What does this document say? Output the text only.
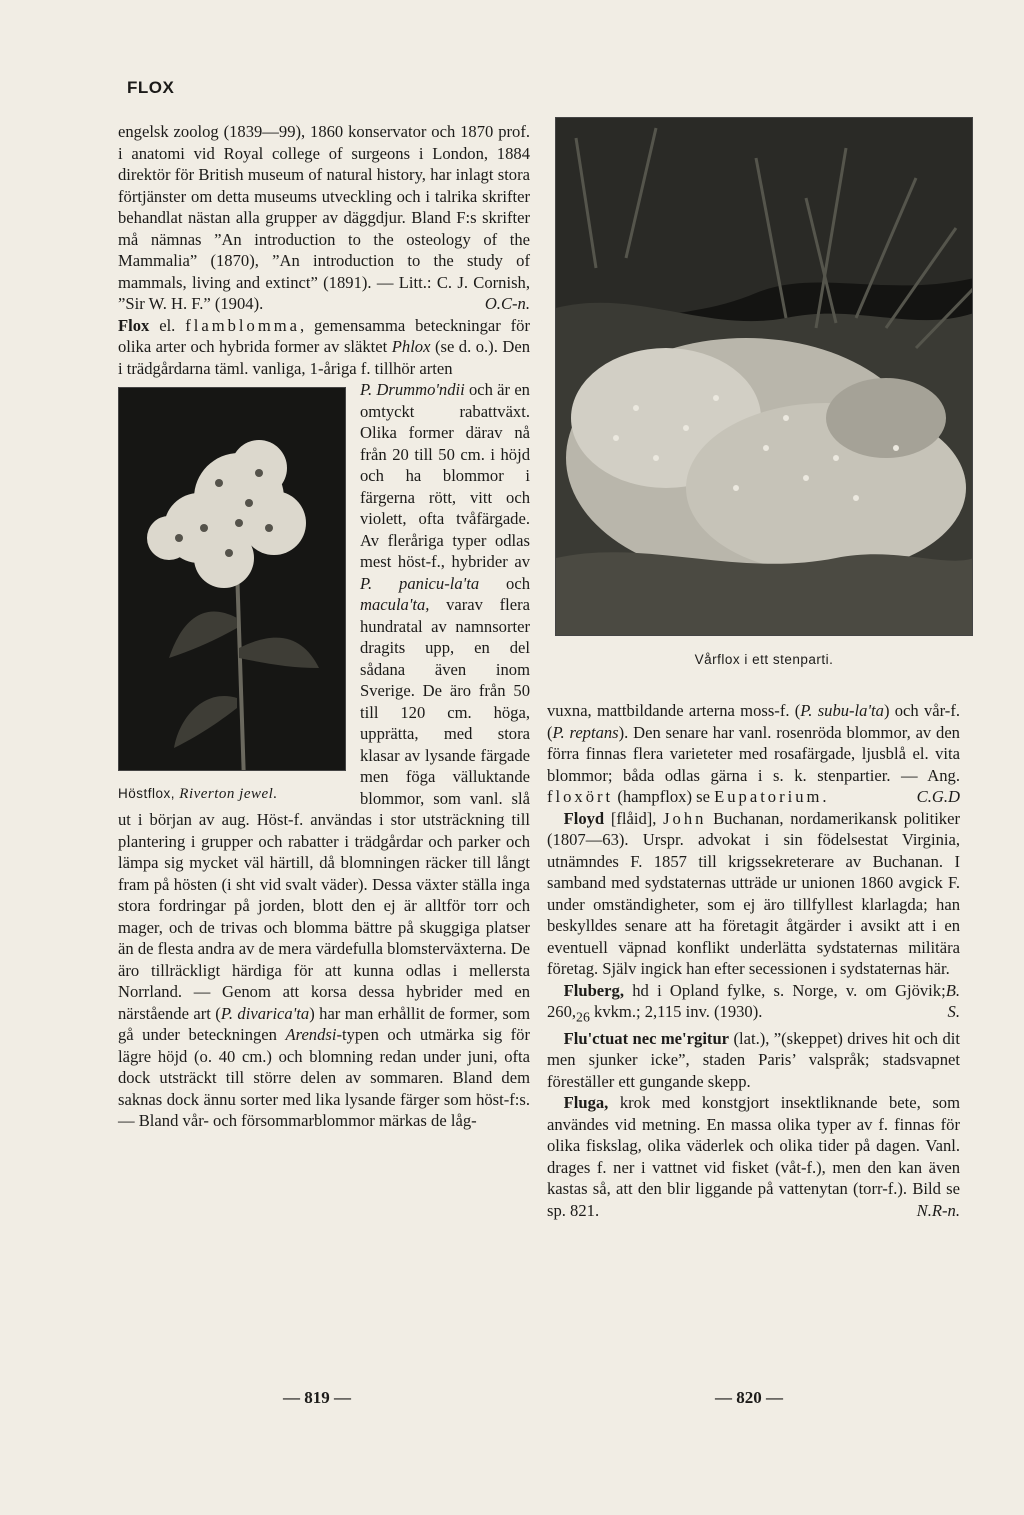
FLOX
Vårflox i ett stenparti.

engelsk zoolog (1839—99), 1860 konservator och 1870 prof. i anatomi vid Royal college of surgeons i London, 1884 direktör för British museum of natural history, har inlagt stora förtjänster om detta museums utveckling och i talrika skrifter behandlat nästan alla grupper av däggdjur. Bland F:s skrifter må nämnas ”An introduction to the osteology of the Mammalia” (1870), ”An introduction to the study of mammals, living and extinct” (1891). — Litt.: C. J. Cornish, ”Sir W. H. F.” (1904).	O.C-n.

Flox el. flamblomma, gemensamma beteckningar för olika arter och hybrida former av släktet Phlox (se d. o.). Den i trädgårdarna täml. vanliga, 1-åriga f. tillhör arten

Höstflox, Riverton jewel.
P. Drummo'ndii och är en omtyckt rabattväxt. Olika former därav nå från 20 till 50 cm. i höjd och ha blommor i färgerna rött, vitt och violett, ofta tvåfärgade. Av fleråriga typer odlas mest höst-f., hybrider av P. panicu-la'ta och macula'ta, varav flera hundratal av namnsorter dragits upp, en del sådana även inom Sverige. De äro från 50 till 120 cm. höga, upprätta, med stora klasar av lysande färgade men föga välluktande blommor, som vanl. slå ut i början av aug. Höst-f. användas i stor utsträckning till plantering i grupper och rabatter i trädgårdar och parker och lämpa sig mycket väl härtill, då blomningen räcker till långt fram på hösten (i sht vid svalt väder). Dessa växter ställa inga stora fordringar på jorden, blott den ej är alltför torr och mager, och de trivas och blomma bättre på skuggiga platser än de flesta andra av de mera värdefulla blomsterväxterna. De äro tillräckligt härdiga för att kunna odlas i mellersta Norrland. — Genom att korsa dessa hybrider med en närstående art (P. divarica'ta) har man erhållit de former, som gå under beteckningen Arendsi-typen och utmärka sig för lägre höjd (o. 40 cm.) och blomning redan under juni, ofta dock utsträckt till större delen av sommaren. Bland dem saknas dock ännu sorter med lika lysande färger som höst-f:s. — Bland vår- och försommarblommor märkas de låg-

vuxna, mattbildande arterna moss-f. (P. subu-la'ta) och vår-f. (P. reptans). Den senare har vanl. rosenröda blommor, av den förra finnas flera varieteter med rosafärgade, ljusblå el. vita blommor; båda odlas gärna i s. k. stenpartier. — Ang. floxört (hampflox) se Eupatorium.	C.G.D

 Floyd [flåid], John Buchanan, nordamerikansk politiker (1807—63). Urspr. advokat i sin födelsestat Virginia, utnämndes F. 1857 till krigssekreterare av Buchanan. I samband med sydstaternas utträde ur unionen 1860 avgick F. under omständigheter, som ej äro tillfyllest klarlagda; han beskylldes senare att ha företagit åtgärder i avsikt att i en eventuell väpnad konflikt underlätta sydstaternas militära företag. Själv ingick han efter secessionen i sydstaternas här.
B.

 Fluberg, hd i Opland fylke, s. Norge, v. om Gjövik; $260,_{26}$ kvkm.; 2,115 inv. (1930).	S.

 Flu'ctuat nec me'rgitur (lat.), ”(skeppet) drives hit och dit men sjunker icke”, staden Paris’ valspråk; stadsvapnet föreställer ett gungande skepp.

 Fluga, krok med konstgjort insektliknande bete, som användes vid metning. En massa olika typer av f. finnas för olika fiskslag, olika väderlek och olika tider på dagen. Vanl. drages f. ner i vattnet vid fisket (våt-f.), men den kan även kastas så, att den blir liggande på vattenytan (torr-f.). Bild se sp. 821.	N.R-n.

— 819 —	— 820 —
